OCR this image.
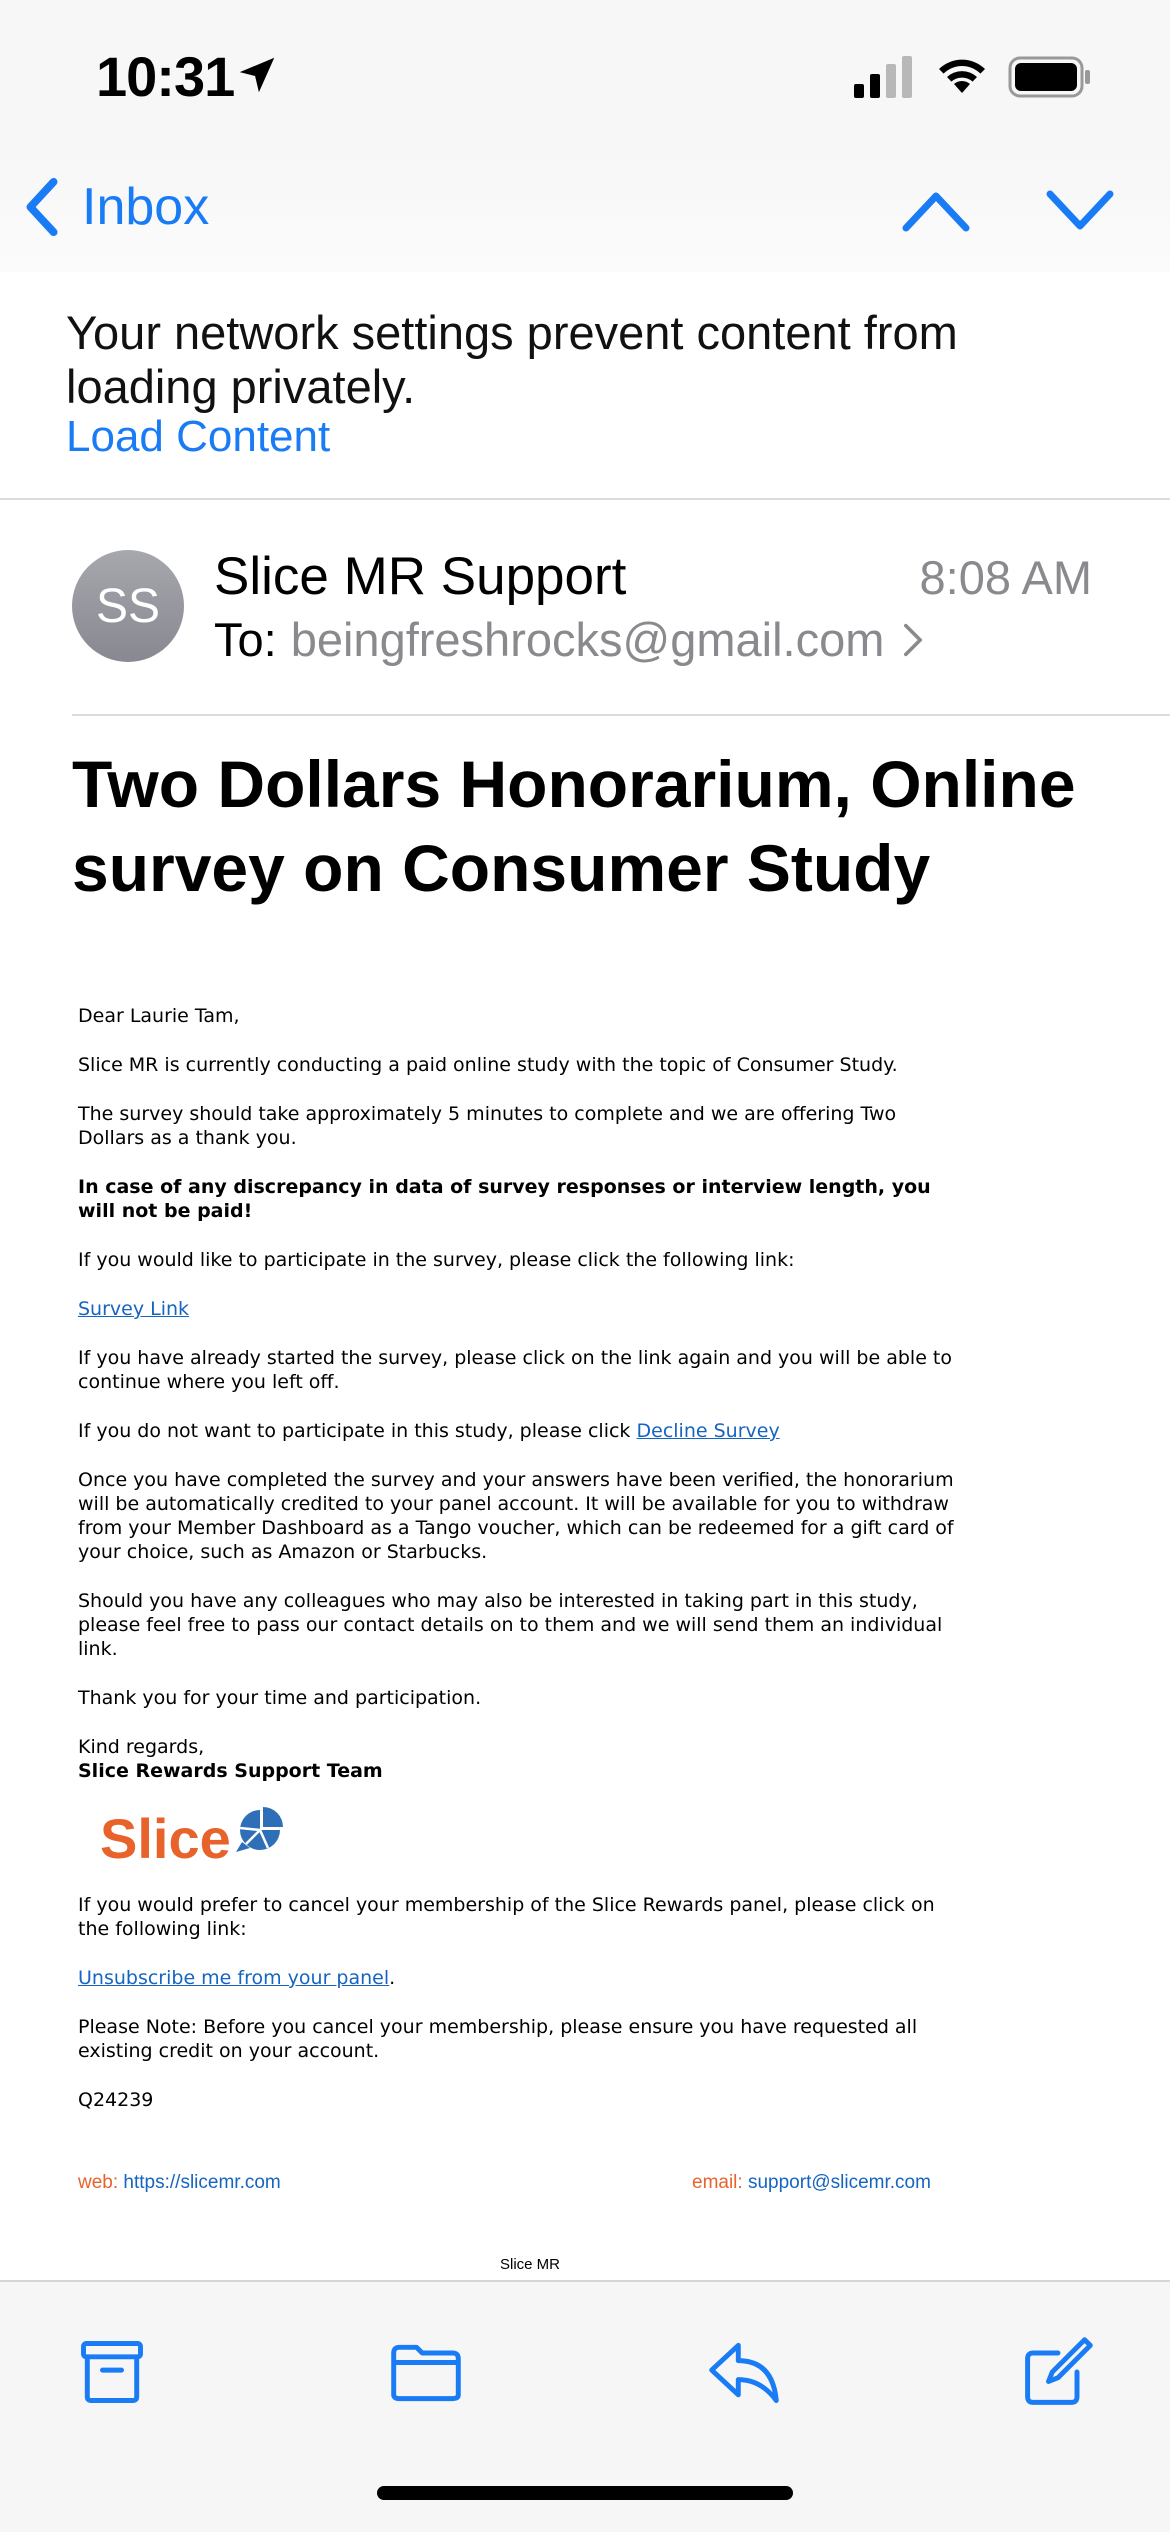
10:31
Inbox
Your network settings prevent content from loading privately.
Load Content
SS	Slice MR Support
To: beingfreshrocks@gmail.com
8:08 AM
Two Dollars Honorarium, Online survey on Consumer Study

Dear Laurie Tam,

Slice MR is currently conducting a paid online study with the topic of Consumer Study.

The survey should take approximately 5 minutes to complete and we are offering Two Dollars as a thank you.

In case of any discrepancy in data of survey responses or interview length, you will not be paid!

If you would like to participate in the survey, please click the following link:

Survey Link

If you have already started the survey, please click on the link again and you will be able to continue where you left off.

If you do not want to participate in this study, please click Decline Survey

Once you have completed the survey and your answers have been verified, the honorarium will be automatically credited to your panel account. It will be available for you to withdraw from your Member Dashboard as a Tango voucher, which can be redeemed for a gift card of your choice, such as Amazon or Starbucks.

Should you have any colleagues who may also be interested in taking part in this study, please feel free to pass our contact details on to them and we will send them an individual link.

Thank you for your time and participation.

Kind regards,

Slice Rewards Support Team

If you would prefer to cancel your membership of the Slice Rewards panel, please click on the following link:

Unsubscribe me from your panel.

Please Note: Before you cancel your membership, please ensure you have requested all existing credit on your account.

Q24239

Slice
web: https://slicemr.com	email: support@slicemr.com
Slice MR
